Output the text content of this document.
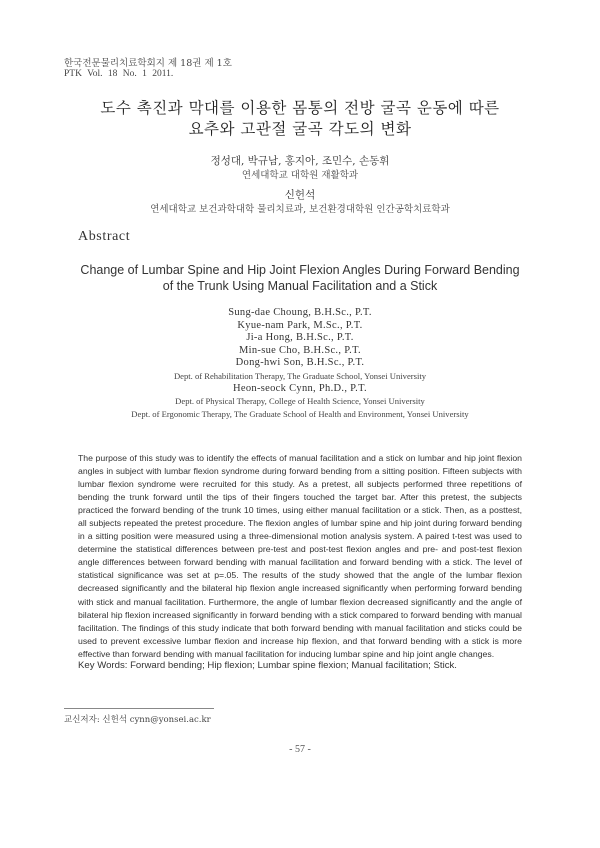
한국전문물리치료학회지 제 18권 제 1호
PTK Vol. 18 No. 1 2011.
도수 촉진과 막대를 이용한 몸통의 전방 굴곡 운동에 따른
요추와 고관절 굴곡 각도의 변화
정성대, 박규남, 홍지아, 조민수, 손동휘
연세대학교 대학원 재활학과
신헌석
연세대학교 보건과학대학 물리치료과, 보건환경대학원 인간공학치료학과
Abstract
Change of Lumbar Spine and Hip Joint Flexion Angles During Forward Bending
of the Trunk Using Manual Facilitation and a Stick
Sung-dae Choung, B.H.Sc., P.T.
Kyue-nam Park, M.Sc., P.T.
Ji-a Hong, B.H.Sc., P.T.
Min-sue Cho, B.H.Sc., P.T.
Dong-hwi Son, B.H.Sc., P.T.
Dept. of Rehabilitation Therapy, The Graduate School, Yonsei University
Heon-seock Cynn, Ph.D., P.T.
Dept. of Physical Therapy, College of Health Science, Yonsei University
Dept. of Ergonomic Therapy, The Graduate School of Health and Environment, Yonsei University

The purpose of this study was to identify the effects of manual facilitation and a stick on lumbar and hip joint flexion angles in subject with lumbar flexion syndrome during forward bending from a sitting position. Fifteen subjects with lumbar flexion syndrome were recruited for this study. As a pretest, all subjects performed three repetitions of bending the trunk forward until the tips of their fingers touched the target bar. After this pretest, the subjects practiced the forward bending of the trunk 10 times, using either manual facilitation or a stick. Then, as a posttest, all subjects repeated the pretest procedure. The flexion angles of lumbar spine and hip joint during forward bending in a sitting position were measured using a three-dimensional motion analysis system. A paired t-test was used to determine the statistical differences between pre-test and post-test flexion angles and pre- and post-test flexion angle differences between forward bending with manual facilitation and forward bending with a stick. The level of statistical significance was set at p=.05. The results of the study showed that the angle of the lumbar flexion decreased significantly and the bilateral hip flexion angle increased significantly when performing forward bending with stick and manual facilitation. Furthermore, the angle of lumbar flexion decreased significantly and the angle of bilateral hip flexion increased significantly in forward bending with a stick compared to forward bending with manual facilitation. The findings of this study indicate that both forward bending with manual facilitation and sticks could be used to prevent excessive lumbar flexion and increase hip flexion, and that forward bending with a stick is more effective than forward bending with manual facilitation for inducing lumbar spine and hip joint angle changes.

Key Words: Forward bending; Hip flexion; Lumbar spine flexion; Manual facilitation; Stick.
교신저자: 신헌석 cynn@yonsei.ac.kr
- 57 -
